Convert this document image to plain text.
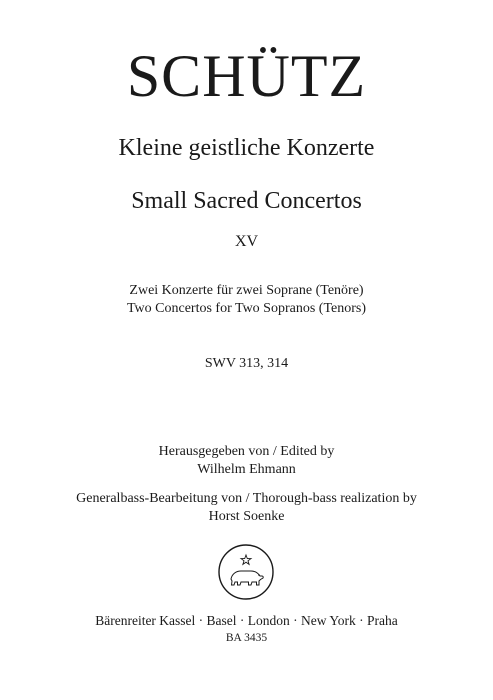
SCHÜTZ
Kleine geistliche Konzerte
Small Sacred Concertos
XV
Zwei Konzerte für zwei Soprane (Tenöre)
Two Concertos for Two Sopranos (Tenors)
SWV 313, 314
Herausgegeben von / Edited by
Wilhelm Ehmann
Generalbass-Bearbeitung von / Thorough-bass realization by
Horst Soenke
Bärenreiter Kassel · Basel · London · New York · Praha
BA 3435
